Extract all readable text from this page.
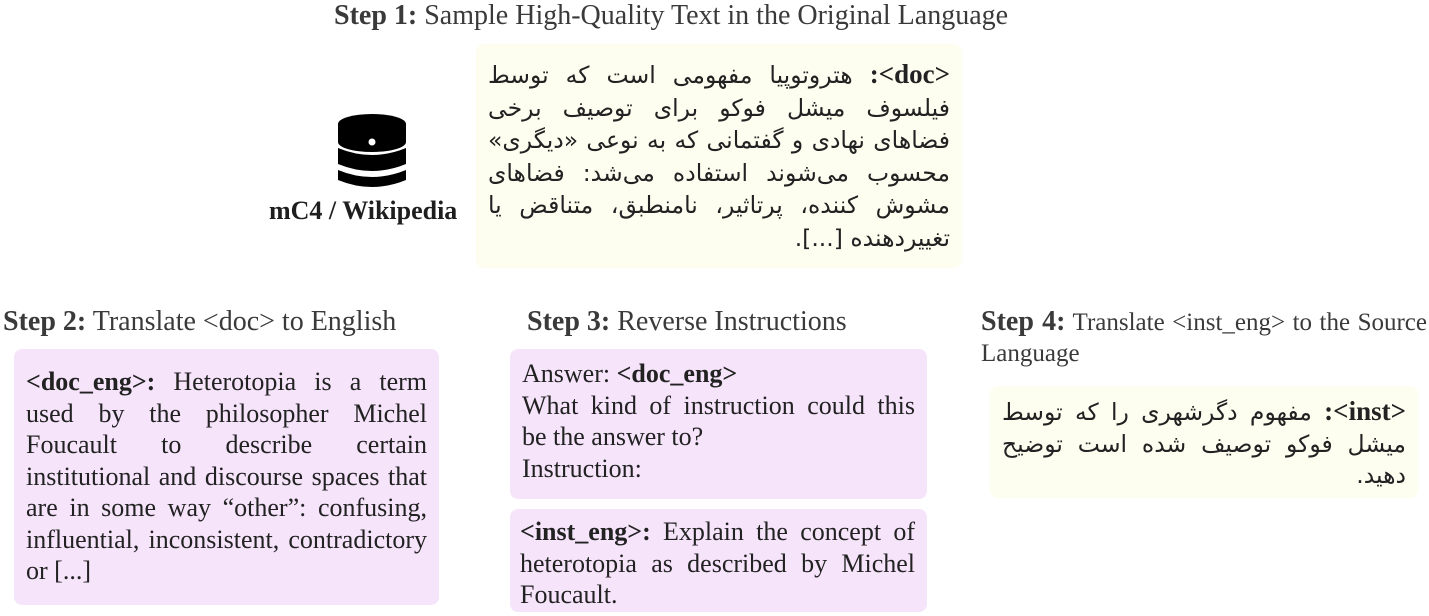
Step 1: Sample High-Quality Text in the Original Language
mC4 / Wikipedia
<doc>: هتروتوپیا مفهومی است که توسط فیلسوف میشل فوکو برای توصیف برخی فضاهای نهادی و گفتمانی که به نوعی «دیگری» محسوب می‌شوند استفاده می‌شد: فضاهای مشوش کننده، پرتاثیر، نامنطبق، متناقض یا تغییردهنده [...].
Step 2: Translate <doc> to English
<doc_eng>: Heterotopia is a term used by the philosopher Michel Foucault to describe certain institutional and discourse spaces that are in some way “other”: confusing, influential, inconsistent, contradictory or [...]
Step 3: Reverse Instructions
Answer: <doc_eng>
What kind of instruction could this be the answer to?
Instruction:
<inst_eng>: Explain the concept of heterotopia as described by Michel Foucault.
Step 4: Translate <inst_eng> to the Source Language
<inst>: مفهوم دگرشهری را که توسط میشل فوکو توصیف شده است توضیح دهید.
